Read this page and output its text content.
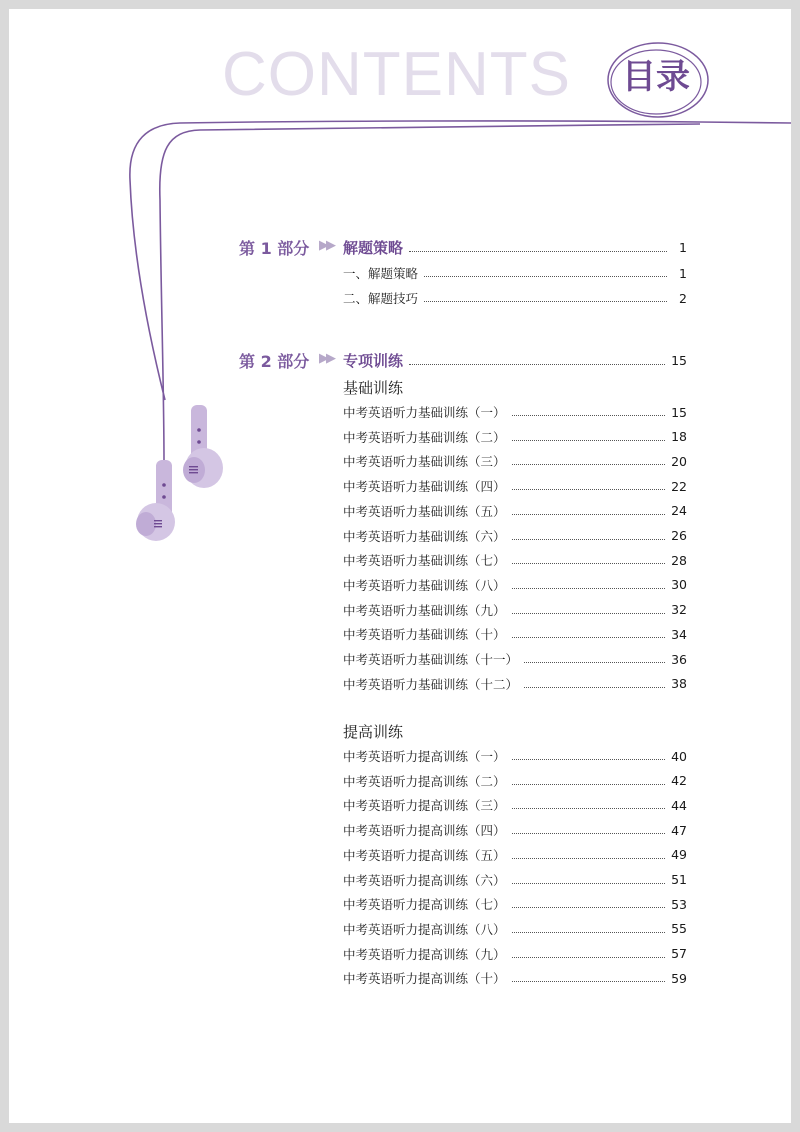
CONTENTS 目录
第 1 部分 ▶▶ 解题策略	1
一、解题策略	1
二、解题技巧	2
第 2 部分 ▶▶ 专项训练	15
基础训练
中考英语听力基础训练（一）	15
中考英语听力基础训练（二）	18
中考英语听力基础训练（三）	20
中考英语听力基础训练（四）	22
中考英语听力基础训练（五）	24
中考英语听力基础训练（六）	26
中考英语听力基础训练（七）	28
中考英语听力基础训练（八）	30
中考英语听力基础训练（九）	32
中考英语听力基础训练（十）	34
中考英语听力基础训练（十一）	36
中考英语听力基础训练（十二）	38
提高训练
中考英语听力提高训练（一）	40
中考英语听力提高训练（二）	42
中考英语听力提高训练（三）	44
中考英语听力提高训练（四）	47
中考英语听力提高训练（五）	49
中考英语听力提高训练（六）	51
中考英语听力提高训练（七）	53
中考英语听力提高训练（八）	55
中考英语听力提高训练（九）	57
中考英语听力提高训练（十）	59
